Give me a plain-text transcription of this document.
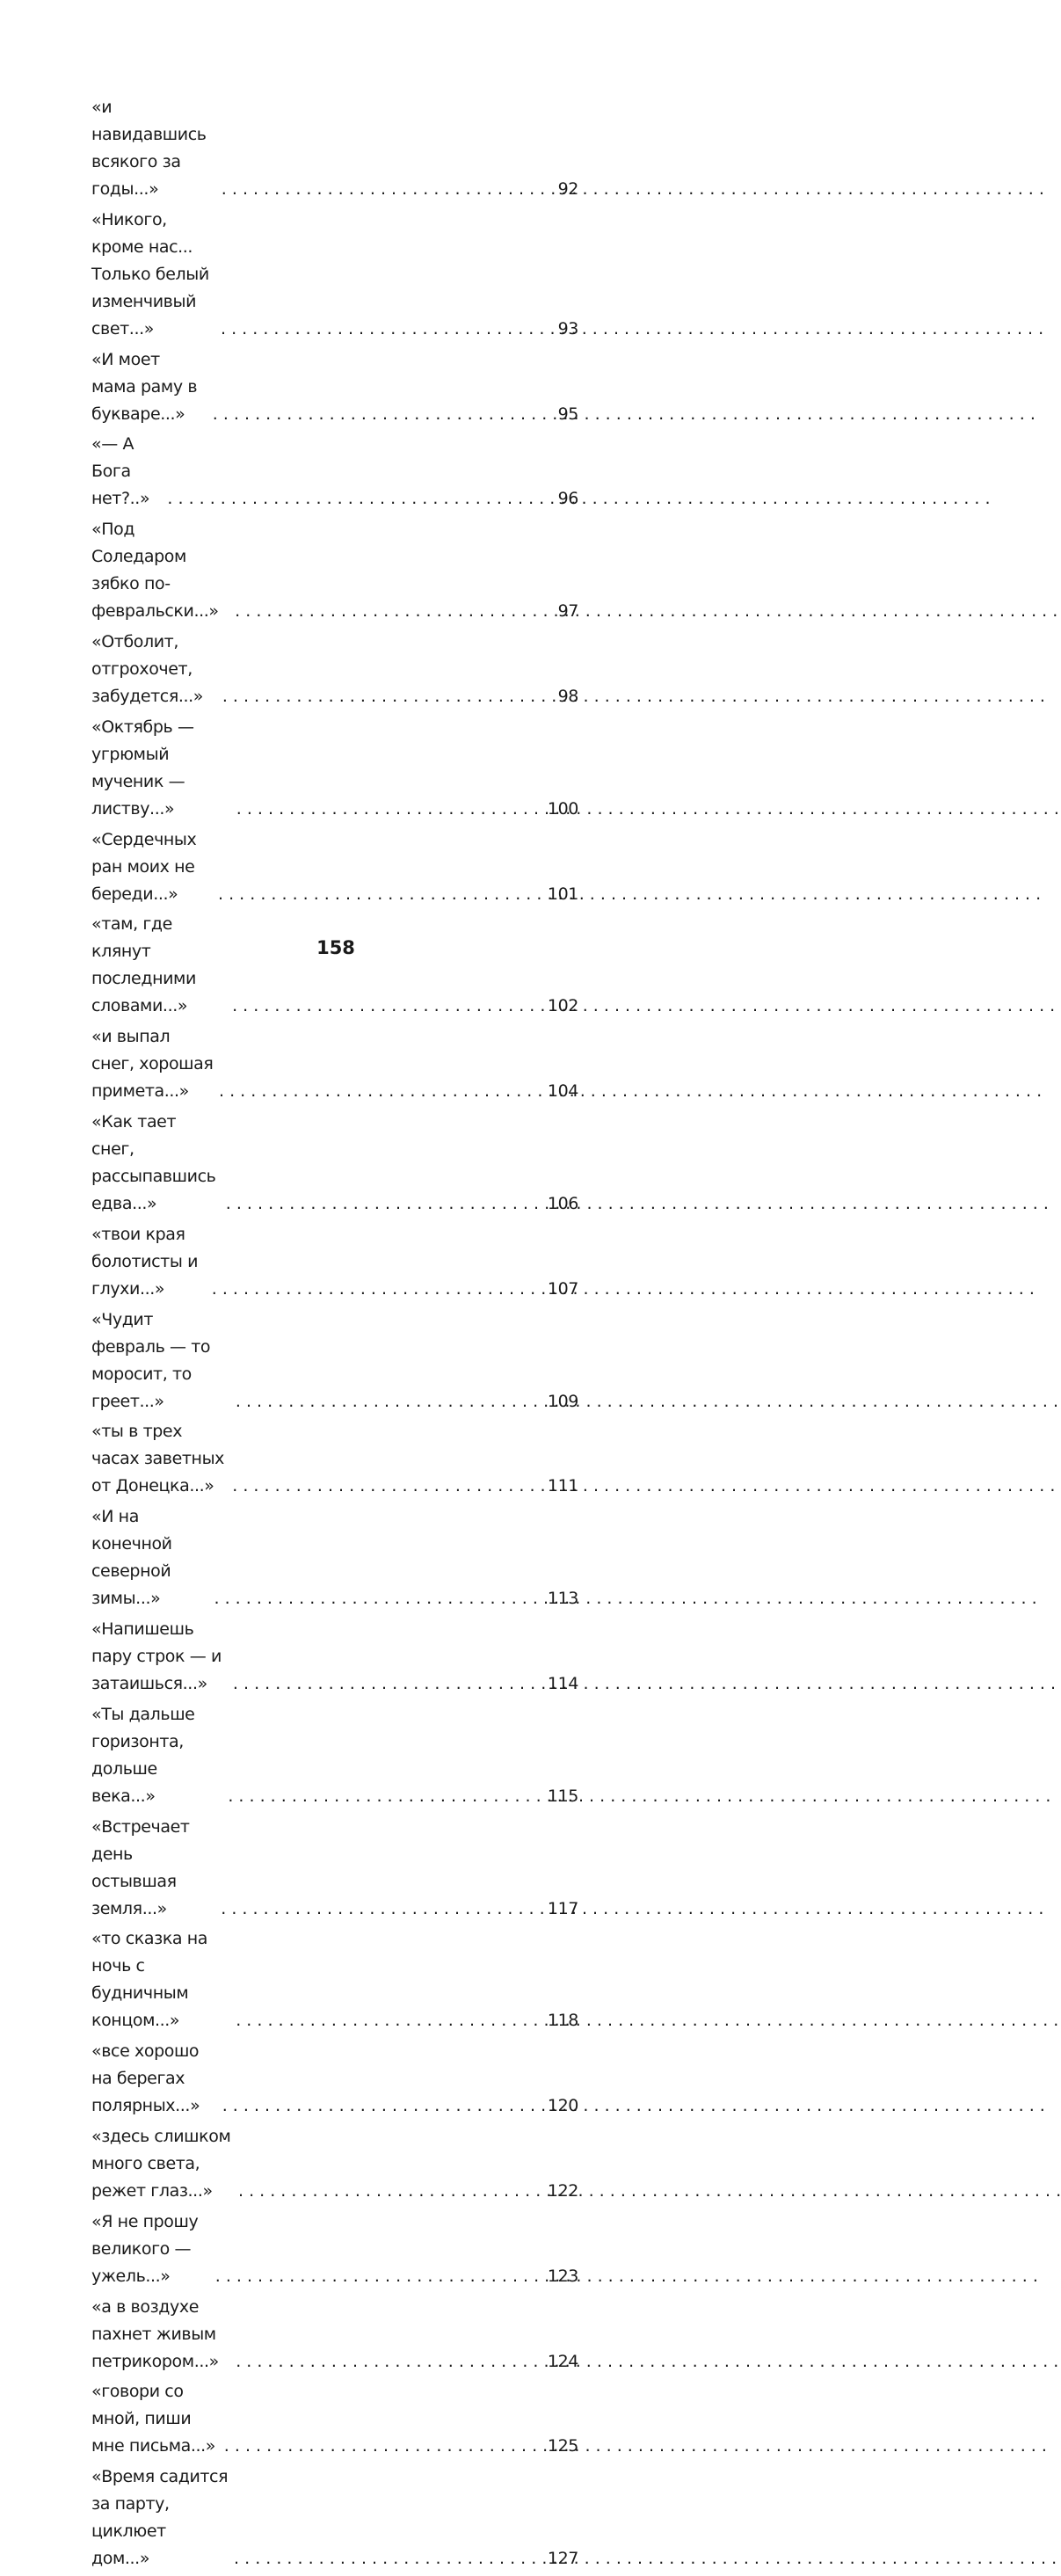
«и навидавшись всякого за годы...» . . .	92
«Никого, кроме нас... Только белый
изменчивый свет...» . . .	93
«И моет мама раму в букваре...» . . .	95
«— А Бога нет?..» . . .	96
«Под Соледаром зябко по-февральски...» . . .	97
«Отболит, отгрохочет, забудется...» . . .	98
«Октябрь — угрюмый мученик — листву...» . . .	100
«Сердечных ран моих не береди...» . . .	101
«там, где клянут последними словами...» . . .	102
«и выпал снег, хорошая примета...» . . .	104
«Как тает снег, рассыпавшись едва...» . . .	106
«твои края болотисты и глухи...» . . .	107
«Чудит февраль — то моросит, то греет...» . . .	109
«ты в трех часах заветных от Донецка...» . . .	111
«И на конечной северной зимы...» . . .	113
«Напишешь пару строк — и затаишься...» . . .	114
«Ты дальше горизонта, дольше века...» . . .	115
«Встречает день остывшая земля...» . . .	117
«то сказка на ночь с будничным концом...» . . .	118
«все хорошо на берегах полярных...» . . .	120
«здесь слишком много света, режет глаз...» . . .	122
«Я не прошу великого — ужель...» . . .	123
«а в воздухе пахнет живым петрикором...» . . .	124
«говори со мной, пиши мне письма...» . . .	125
«Время садится за парту, циклюет дом...» . . .	127
158
